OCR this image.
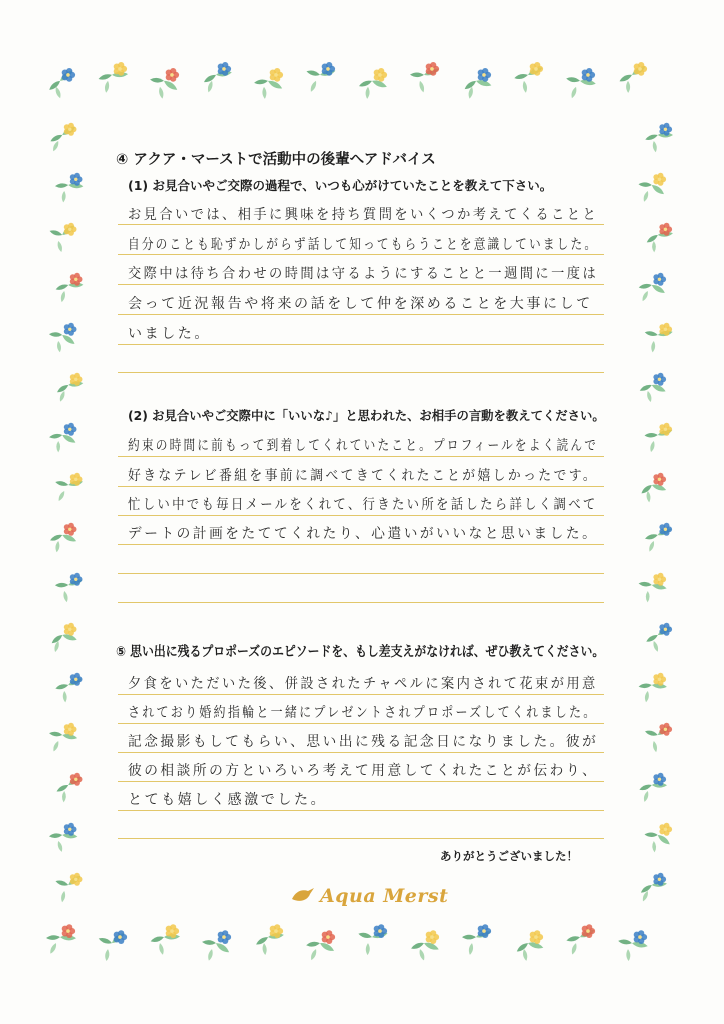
④ アクア・マーストで活動中の後輩へアドバイス
(1) お見合いやご交際の過程で、いつも心がけていたことを教えて下さい。
お見合いでは、相手に興味を持ち質問をいくつか考えてくることと
自分のことも恥ずかしがらず話して知ってもらうことを意識していました。
交際中は待ち合わせの時間は守るようにすることと一週間に一度は
会って近況報告や将来の話をして仲を深めることを大事にして
いました。
(2) お見合いやご交際中に「いいな♪」と思われた、お相手の言動を教えてください。
約束の時間に前もって到着してくれていたこと。プロフィールをよく読んで
好きなテレビ番組を事前に調べてきてくれたことが嬉しかったです。
忙しい中でも毎日メールをくれて、行きたい所を話したら詳しく調べて
デートの計画をたててくれたり、心遣いがいいなと思いました。
⑤ 思い出に残るプロポーズのエピソードを、もし差支えがなければ、ぜひ教えてください。
夕食をいただいた後、併設されたチャペルに案内されて花束が用意
されており婚約指輪と一緒にプレゼントされプロポーズしてくれました。
記念撮影もしてもらい、思い出に残る記念日になりました。彼が
彼の相談所の方といろいろ考えて用意してくれたことが伝わり、
とても嬉しく感激でした。
ありがとうございました！
Aqua Merst
